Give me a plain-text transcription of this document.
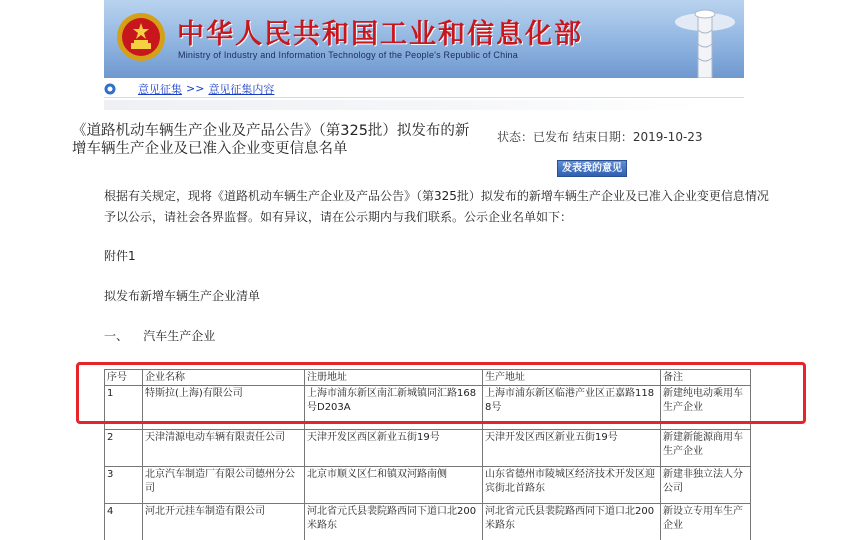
中华人民共和国工业和信息化部
Ministry of Industry and Information Technology of the People's Republic of China
意见征集 >> 意见征集内容
《道路机动车辆生产企业及产品公告》（第325批）拟发布的新增车辆生产企业及已准入企业变更信息名单
状态：已发布 结束日期：2019-10-23
发表我的意见
根据有关规定，现将《道路机动车辆生产企业及产品公告》（第325批）拟发布的新增车辆生产企业及已准入企业变更信息情况予以公示，请社会各界监督。如有异议，请在公示期内与我们联系。公示企业名单如下：
附件1
拟发布新增车辆生产企业清单
一、    汽车生产企业
序号	企业名称	注册地址	生产地址	备注
1	特斯拉(上海)有限公司	上海市浦东新区南汇新城镇同汇路168号D203A	上海市浦东新区临港产业区正嘉路1188号	新建纯电动乘用车生产企业
2	天津清源电动车辆有限责任公司	天津开发区西区新业五街19号	天津开发区西区新业五街19号	新建新能源商用车生产企业
3	北京汽车制造厂有限公司德州分公司	北京市顺义区仁和镇双河路南侧	山东省德州市陵城区经济技术开发区迎宾街北首路东	新建非独立法人分公司
4	河北开元挂车制造有限公司	河北省元氏县裴院路西同下道口北200米路东	河北省元氏县裴院路西同下道口北200米路东	新设立专用车生产企业
